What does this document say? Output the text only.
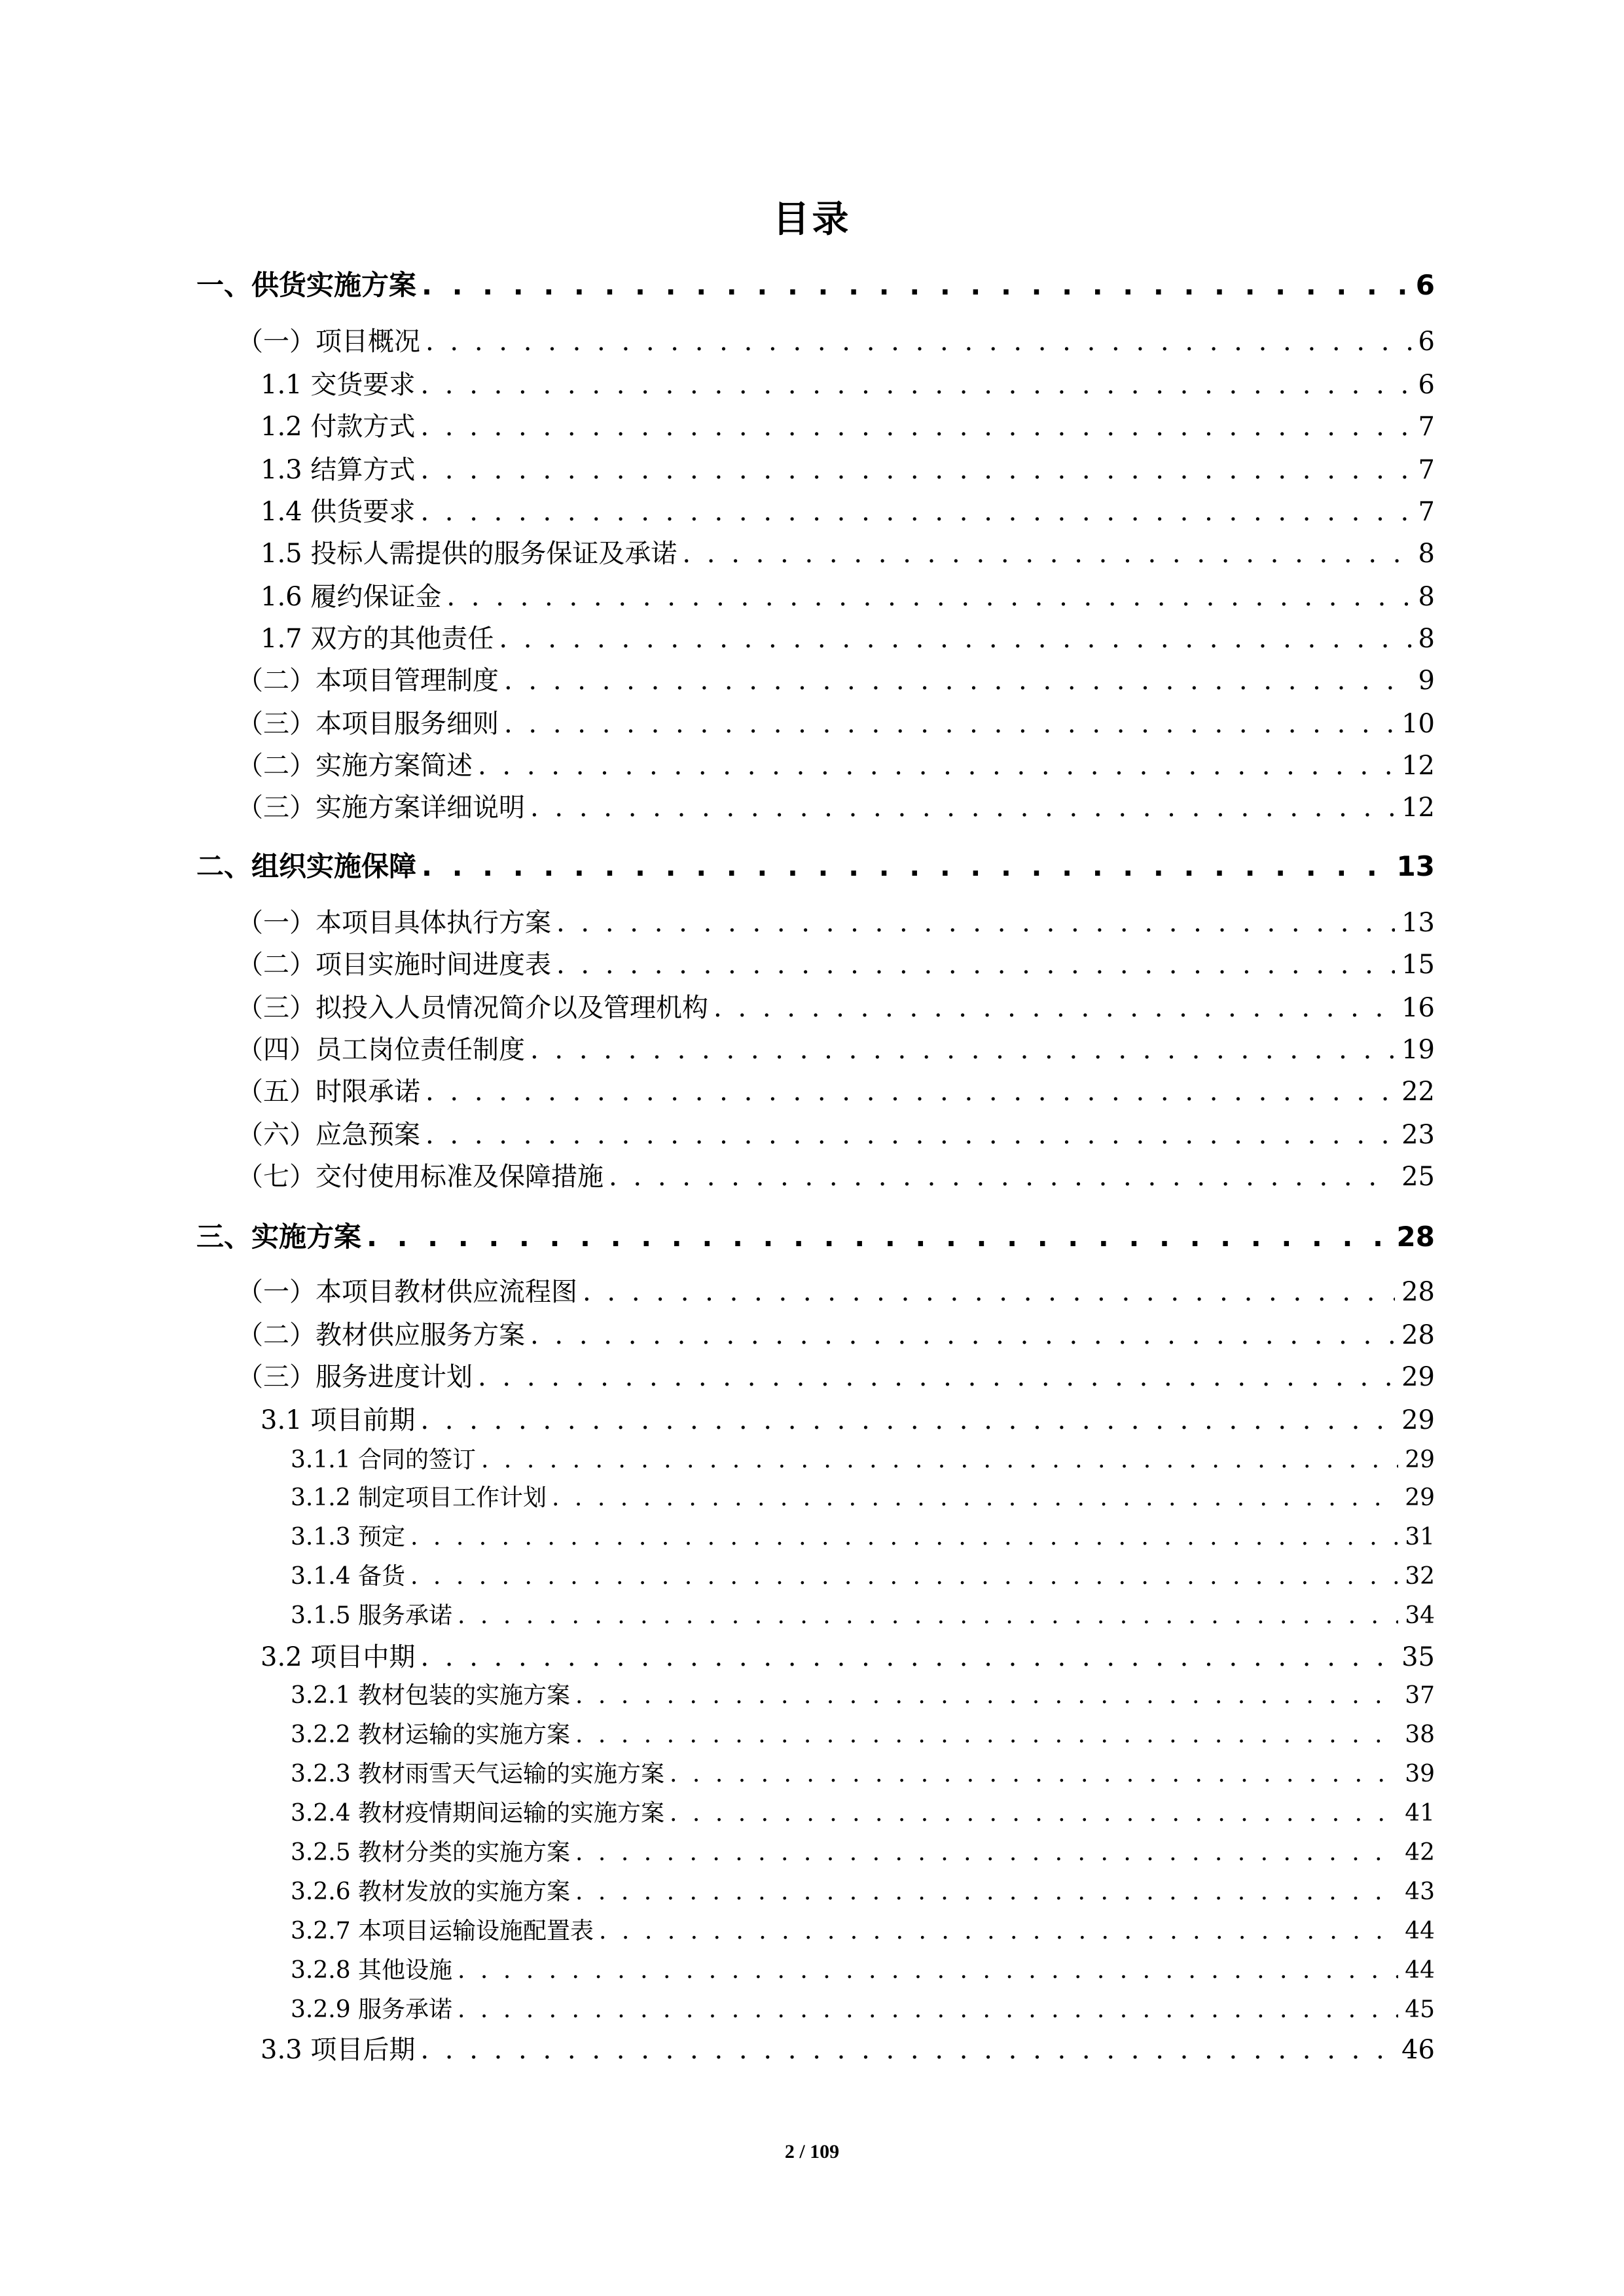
目录
一、供货实施方案 . . .	6
（一）项目概况 . . .	6
1.1 交货要求 . . .	6
1.2 付款方式 . . .	7
1.3 结算方式 . . .	7
1.4 供货要求 . . .	7
1.5 投标人需提供的服务保证及承诺 . . .	8
1.6 履约保证金 . . .	8
1.7 双方的其他责任 . . .	8
（二）本项目管理制度 . . .	9
（三）本项目服务细则 . . .	10
（二）实施方案简述 . . .	12
（三）实施方案详细说明 . . .	12
二、组织实施保障 . . .	13
（一）本项目具体执行方案 . . .	13
（二）项目实施时间进度表 . . .	15
（三）拟投入人员情况简介以及管理机构 . . .	16
（四）员工岗位责任制度 . . .	19
（五）时限承诺 . . .	22
（六）应急预案 . . .	23
（七）交付使用标准及保障措施 . . .	25
三、实施方案 . . .	28
（一）本项目教材供应流程图 . . .	28
（二）教材供应服务方案 . . .	28
（三）服务进度计划 . . .	29
3.1 项目前期 . . .	29
3.1.1 合同的签订 . . .	29
3.1.2 制定项目工作计划 . . .	29
3.1.3 预定 . . .	31
3.1.4 备货 . . .	32
3.1.5 服务承诺 . . .	34
3.2 项目中期 . . .	35
3.2.1 教材包装的实施方案 . . .	37
3.2.2 教材运输的实施方案 . . .	38
3.2.3 教材雨雪天气运输的实施方案 . . .	39
3.2.4 教材疫情期间运输的实施方案 . . .	41
3.2.5 教材分类的实施方案 . . .	42
3.2.6 教材发放的实施方案 . . .	43
3.2.7 本项目运输设施配置表 . . .	44
3.2.8 其他设施 . . .	44
3.2.9 服务承诺 . . .	45
3.3 项目后期 . . .	46
2 / 109
